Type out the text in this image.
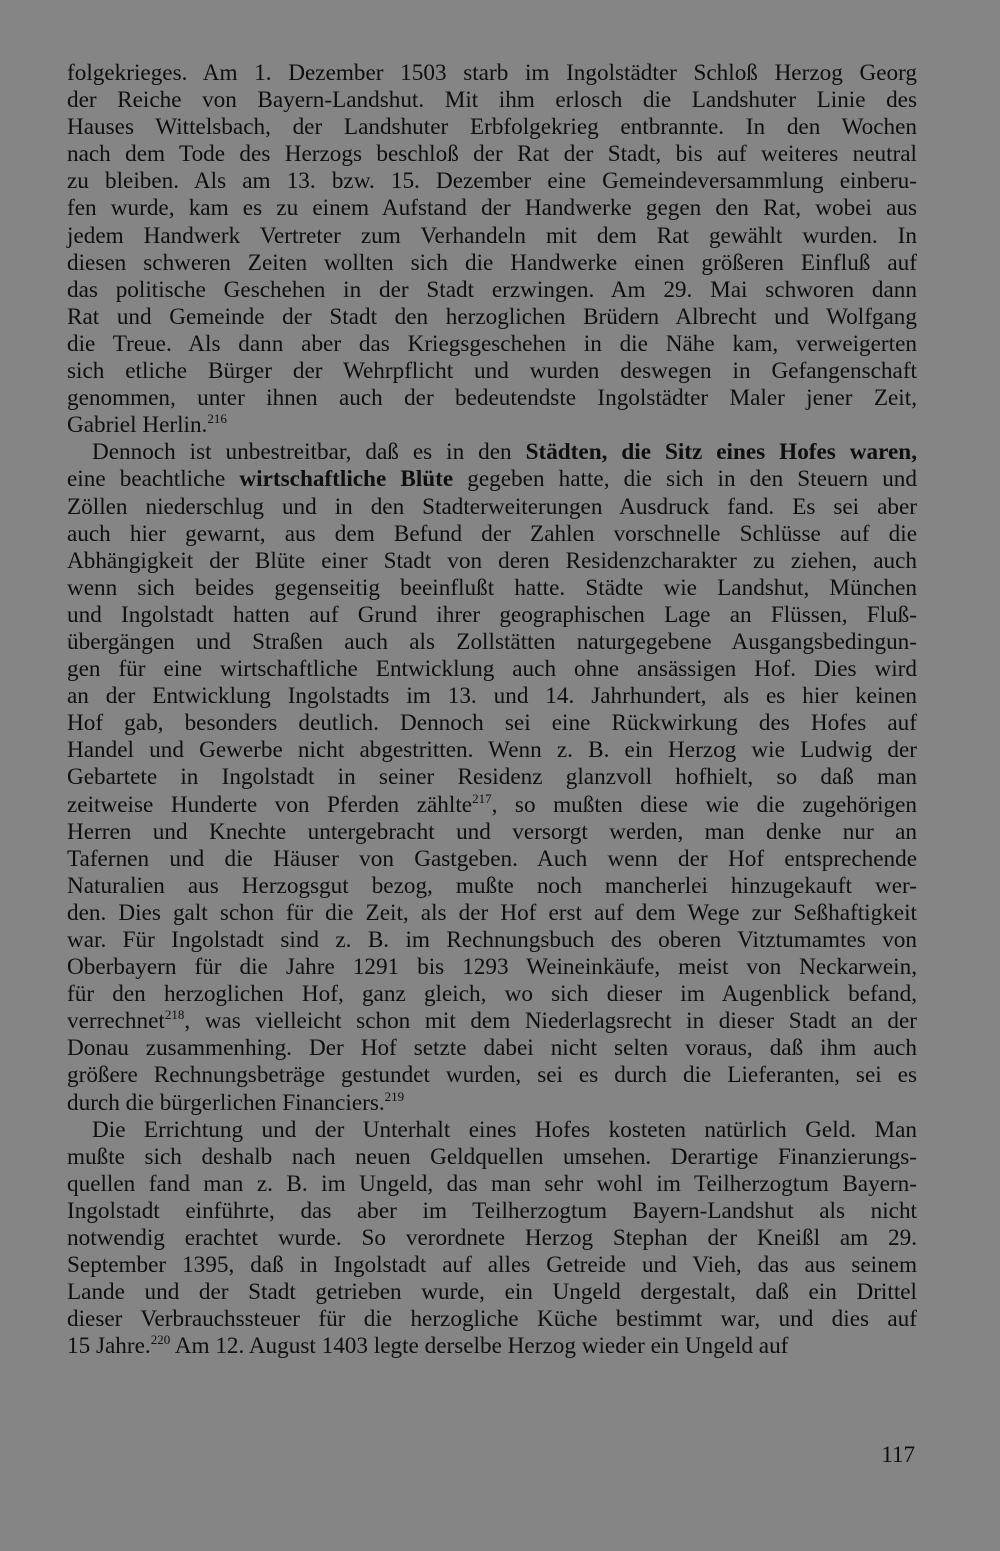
folgekrieges. Am 1. Dezember 1503 starb im Ingolstädter Schloß Herzog Georg
der Reiche von Bayern-Landshut. Mit ihm erlosch die Landshuter Linie des
Hauses Wittelsbach, der Landshuter Erbfolgekrieg entbrannte. In den Wochen
nach dem Tode des Herzogs beschloß der Rat der Stadt, bis auf weiteres neutral
zu bleiben. Als am 13. bzw. 15. Dezember eine Gemeindeversammlung einberu-
fen wurde, kam es zu einem Aufstand der Handwerke gegen den Rat, wobei aus
jedem Handwerk Vertreter zum Verhandeln mit dem Rat gewählt wurden. In
diesen schweren Zeiten wollten sich die Handwerke einen größeren Einfluß auf
das politische Geschehen in der Stadt erzwingen. Am 29. Mai schworen dann
Rat und Gemeinde der Stadt den herzoglichen Brüdern Albrecht und Wolfgang
die Treue. Als dann aber das Kriegsgeschehen in die Nähe kam, verweigerten
sich etliche Bürger der Wehrpflicht und wurden deswegen in Gefangenschaft
genommen, unter ihnen auch der bedeutendste Ingolstädter Maler jener Zeit,
Gabriel Herlin.$^{216}$
Dennoch ist unbestreitbar, daß es in den Städten, die Sitz eines Hofes waren,
eine beachtliche wirtschaftliche Blüte gegeben hatte, die sich in den Steuern und
Zöllen niederschlug und in den Stadterweiterungen Ausdruck fand. Es sei aber
auch hier gewarnt, aus dem Befund der Zahlen vorschnelle Schlüsse auf die
Abhängigkeit der Blüte einer Stadt von deren Residenzcharakter zu ziehen, auch
wenn sich beides gegenseitig beeinflußt hatte. Städte wie Landshut, München
und Ingolstadt hatten auf Grund ihrer geographischen Lage an Flüssen, Fluß-
übergängen und Straßen auch als Zollstätten naturgegebene Ausgangsbedingun-
gen für eine wirtschaftliche Entwicklung auch ohne ansässigen Hof. Dies wird
an der Entwicklung Ingolstadts im 13. und 14. Jahrhundert, als es hier keinen
Hof gab, besonders deutlich. Dennoch sei eine Rückwirkung des Hofes auf
Handel und Gewerbe nicht abgestritten. Wenn z. B. ein Herzog wie Ludwig der
Gebartete in Ingolstadt in seiner Residenz glanzvoll hofhielt, so daß man
zeitweise Hunderte von Pferden zählte$^{217}$, so mußten diese wie die zugehörigen
Herren und Knechte untergebracht und versorgt werden, man denke nur an
Tafernen und die Häuser von Gastgeben. Auch wenn der Hof entsprechende
Naturalien aus Herzogsgut bezog, mußte noch mancherlei hinzugekauft wer-
den. Dies galt schon für die Zeit, als der Hof erst auf dem Wege zur Seßhaftigkeit
war. Für Ingolstadt sind z. B. im Rechnungsbuch des oberen Vitztumamtes von
Oberbayern für die Jahre 1291 bis 1293 Weineinkäufe, meist von Neckarwein,
für den herzoglichen Hof, ganz gleich, wo sich dieser im Augenblick befand,
verrechnet$^{218}$, was vielleicht schon mit dem Niederlagsrecht in dieser Stadt an der
Donau zusammenhing. Der Hof setzte dabei nicht selten voraus, daß ihm auch
größere Rechnungsbeträge gestundet wurden, sei es durch die Lieferanten, sei es
durch die bürgerlichen Financiers.$^{219}$
Die Errichtung und der Unterhalt eines Hofes kosteten natürlich Geld. Man
mußte sich deshalb nach neuen Geldquellen umsehen. Derartige Finanzierungs-
quellen fand man z. B. im Ungeld, das man sehr wohl im Teilherzogtum Bayern-
Ingolstadt einführte, das aber im Teilherzogtum Bayern-Landshut als nicht
notwendig erachtet wurde. So verordnete Herzog Stephan der Kneißl am 29.
September 1395, daß in Ingolstadt auf alles Getreide und Vieh, das aus seinem
Lande und der Stadt getrieben wurde, ein Ungeld dergestalt, daß ein Drittel
dieser Verbrauchssteuer für die herzogliche Küche bestimmt war, und dies auf
15 Jahre.$^{220}$ Am 12. August 1403 legte derselbe Herzog wieder ein Ungeld auf
117
